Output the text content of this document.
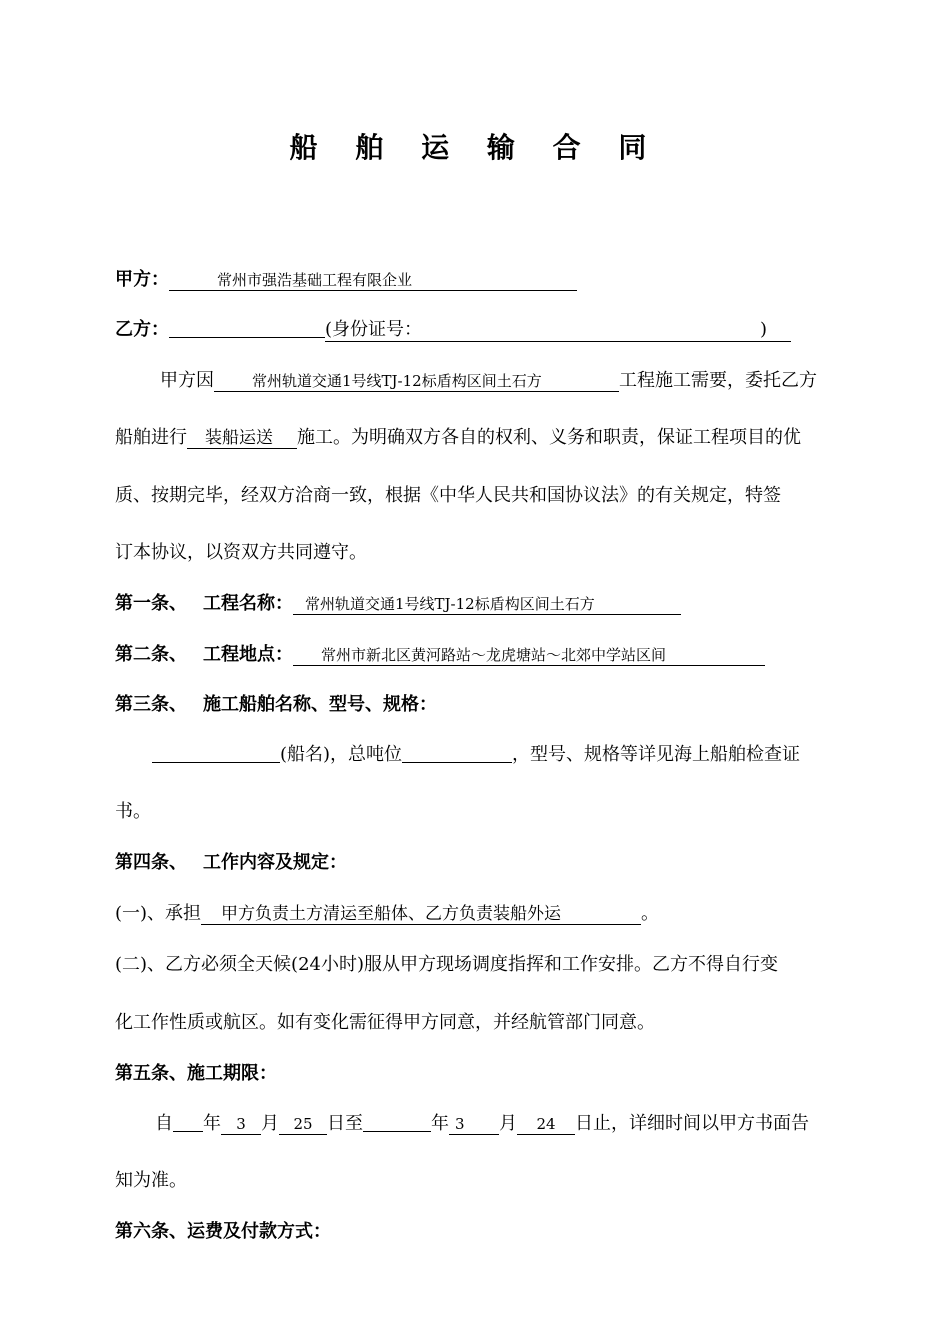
船 舶 运 输 合 同
甲方：	常州市强浩基础工程有限企业
乙方：	(身份证号：	)
甲方因	常州轨道交通1号线TJ-12标盾构区间土石方	工程施工需要，委托乙方
船舶进行 装船运送 施工。为明确双方各自的权利、义务和职责，保证工程项目的优
质、按期完毕，经双方洽商一致，根据《中华人民共和国协议法》的有关规定，特签
订本协议，以资双方共同遵守。
第一条、 工程名称： 常州轨道交通1号线TJ-12标盾构区间土石方
第二条、 工程地点： 常州市新北区黄河路站～龙虎塘站～北郊中学站区间
第三条、 施工船舶名称、型号、规格：
(船名)，总吨位	，型号、规格等详见海上船舶检查证
书。
第四条、 工作内容及规定：
(一)、承担 甲方负责土方清运至船体、乙方负责装船外运	。
(二)、乙方必须全天候(24小时)服从甲方现场调度指挥和工作安排。乙方不得自行变
化工作性质或航区。如有变化需征得甲方同意，并经航管部门同意。
第五条、施工期限：
自 年 3 月 25 日至	年 3 月 24 日止，详细时间以甲方书面告
知为准。
第六条、运费及付款方式：
